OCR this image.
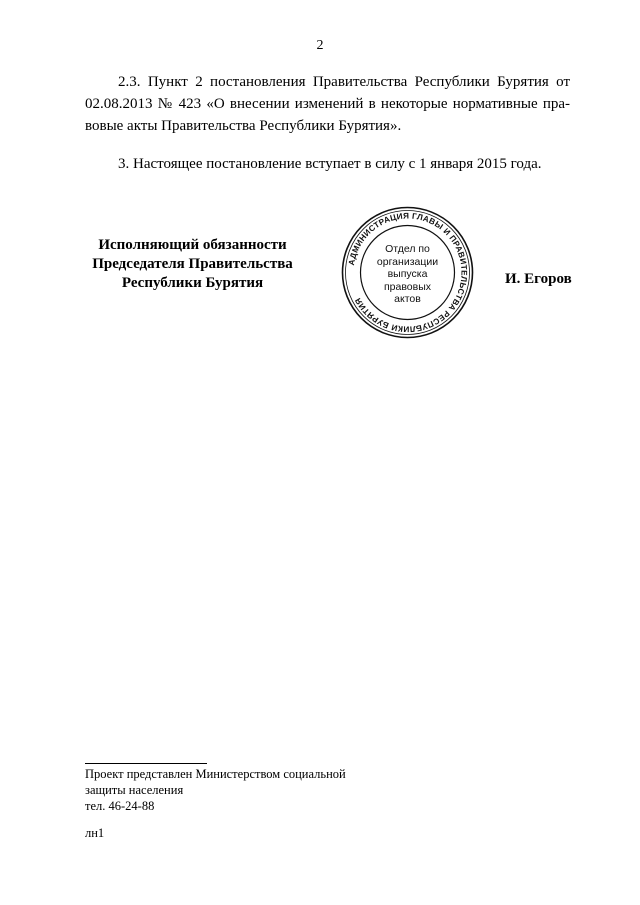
2
2.3. Пункт 2 постановления Правительства Республики Бурятия от
02.08.2013 № 423 «О внесении изменений в некоторые нормативные пра-
вовые акты Правительства Республики Бурятия».
3. Настоящее постановление вступает в силу с 1 января 2015 года.
Исполняющий обязанности
Председателя Правительства
Республики Бурятия
АДМИНИСТРАЦИЯ ГЛАВЫ И ПРАВИТЕЛЬСТВА РЕСПУБЛИКИ БУРЯТИЯ
Отдел по
организации
выпуска
правовых
актов
И. Егоров
Проект представлен Министерством социальной
защиты населения
тел. 46-24-88
лн1
